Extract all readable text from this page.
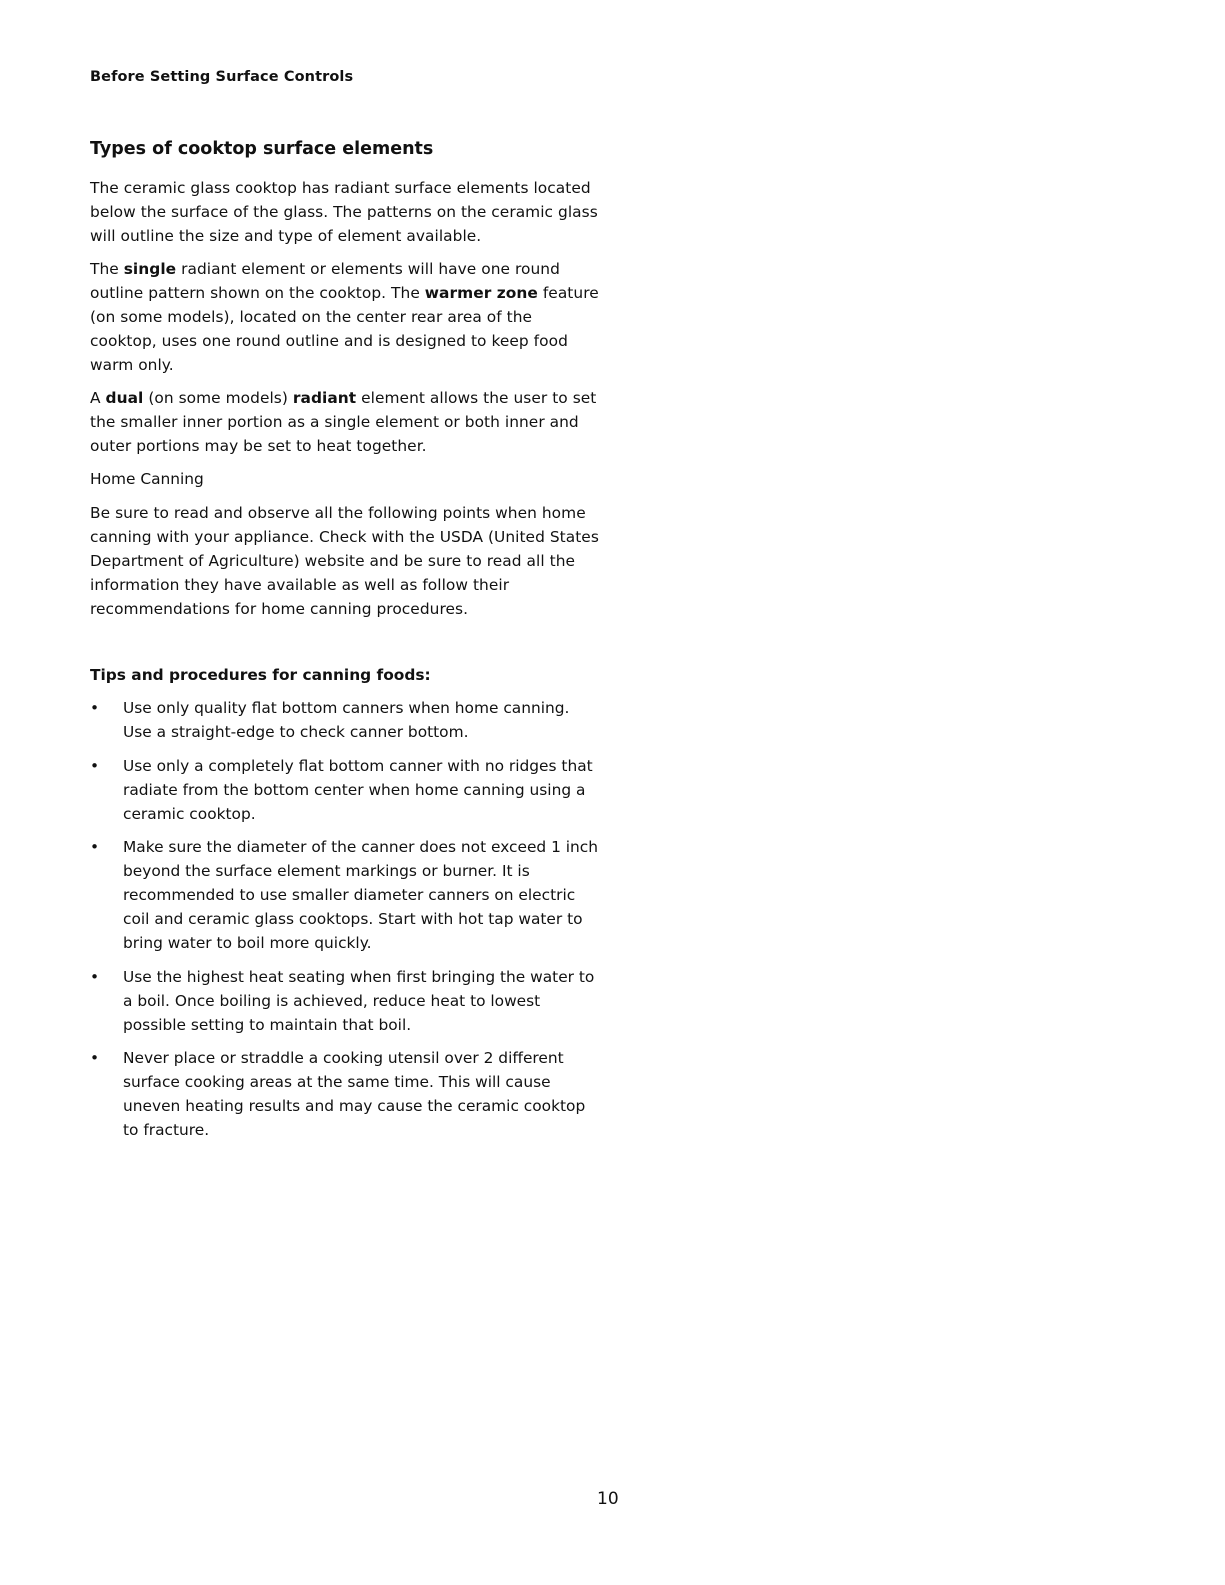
Before Setting Surface Controls
Types of cooktop surface elements

The ceramic glass cooktop has radiant surface elements located below the surface of the glass. The patterns on the ceramic glass will outline the size and type of element available.

The single radiant element or elements will have one round outline pattern shown on the cooktop. The warmer zone feature (on some models), located on the center rear area of the cooktop, uses one round outline and is designed to keep food warm only.

A dual (on some models) radiant element allows the user to set the smaller inner portion as a single element or both inner and outer portions may be set to heat together.

Home Canning

Be sure to read and observe all the following points when home canning with your appliance. Check with the USDA (United States Department of Agriculture) website and be sure to read all the information they have available as well as follow their recommendations for home canning procedures.

Tips and procedures for canning foods:
• Use only quality flat bottom canners when home canning. Use a straight-edge to check canner bottom.
• Use only a completely flat bottom canner with no ridges that radiate from the bottom center when home canning using a ceramic cooktop.
• Make sure the diameter of the canner does not exceed 1 inch beyond the surface element markings or burner. It is recommended to use smaller diameter canners on electric coil and ceramic glass cooktops. Start with hot tap water to bring water to boil more quickly.
• Use the highest heat seating when first bringing the water to a boil. Once boiling is achieved, reduce heat to lowest possible setting to maintain that boil.
• Never place or straddle a cooking utensil over 2 different surface cooking areas at the same time. This will cause uneven heating results and may cause the ceramic cooktop to fracture.
10
